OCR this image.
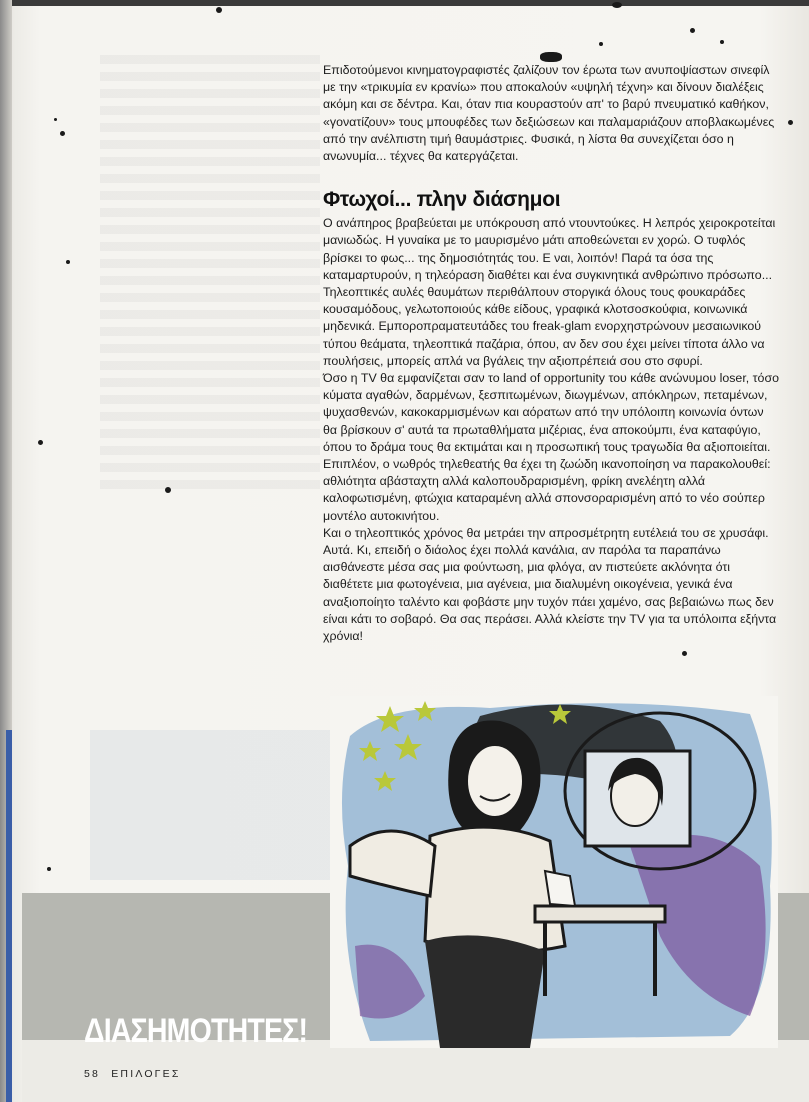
Επιδοτούμενοι κινηματογραφιστές ζαλίζουν τον έρωτα των ανυποψίαστων σινεφίλ με την «τρικυμία εν κρανίω» που αποκαλούν «υψηλή τέχνη» και δίνουν διαλέξεις ακόμη και σε δέντρα. Και, όταν πια κουραστούν απ' το βαρύ πνευματικό καθήκον, «γονατίζουν» τους μπουφέδες των δεξιώσεων και παλαμαριάζουν αποβλακωμένες από την ανέλπιστη τιμή θαυμάστριες. Φυσικά, η λίστα θα συνεχίζεται όσο η ανωνυμία... τέχνες θα κατεργάζεται.

Φτωχοί... πλην διάσημοι

Ο ανάπηρος βραβεύεται με υπόκρουση από ντουντούκες. Η λεπρός χειροκροτείται μανιωδώς. Η γυναίκα με το μαυρισμένο μάτι αποθεώνεται εν χορώ. Ο τυφλός βρίσκει το φως... της δημοσιότητάς του. Ε ναι, λοιπόν! Παρά τα όσα της καταμαρτυρούν, η τηλεόραση διαθέτει και ένα συγκινητικά ανθρώπινο πρόσωπο... Τηλεοπτικές αυλές θαυμάτων περιθάλπουν στοργικά όλους τους φουκαράδες κουσαμόδους, γελωτοποιούς κάθε είδους, γραφικά κλοτσοσκούφια, κοινωνικά μηδενικά. Εμποροπραματευτάδες του freak-glam ενορχηστρώνουν μεσαιωνικού τύπου θεάματα, τηλεοπτικά παζάρια, όπου, αν δεν σου έχει μείνει τίποτα άλλο να πουλήσεις, μπορείς απλά να βγάλεις την αξιοπρέπειά σου στο σφυρί.

Όσο η TV θα εμφανίζεται σαν το land of opportunity του κάθε ανώνυμου loser, τόσο κύματα αγαθών, δαρμένων, ξεσπιτωμένων, διωγμένων, απόκληρων, πεταμένων, ψυχασθενών, κακοκαρμισμένων και αόρατων από την υπόλοιπη κοινωνία όντων θα βρίσκουν σ' αυτά τα πρωταθλήματα μιζέριας, ένα αποκούμπι, ένα καταφύγιο, όπου το δράμα τους θα εκτιμάται και η προσωπική τους τραγωδία θα αξιοποιείται.

Επιπλέον, ο νωθρός τηλεθεατής θα έχει τη ζωώδη ικανοποίηση να παρακολουθεί: αθλιότητα αβάσταχτη αλλά καλοπουδραρισμένη, φρίκη ανελέητη αλλά καλοφωτισμένη, φτώχια καταραμένη αλλά σπονσοραρισμένη από το νέο σούπερ μοντέλο αυτοκινήτου.

Και ο τηλεοπτικός χρόνος θα μετράει την απροσμέτρητη ευτέλειά του σε χρυσάφι. Αυτά. Κι, επειδή ο διάολος έχει πολλά κανάλια, αν παρόλα τα παραπάνω αισθάνεστε μέσα σας μια φούντωση, μια φλόγα, αν πιστεύετε ακλόνητα ότι διαθέτετε μια φωτογένεια, μια αγένεια, μια διαλυμένη οικογένεια, γενικά ένα αναξιοποίητο ταλέντο και φοβάστε μην τυχόν πάει χαμένο, σας βεβαιώνω πως δεν είναι κάτι το σοβαρό. Θα σας περάσει. Αλλά κλείστε την TV για τα υπόλοιπα εξήντα χρόνια!

ΔΙΑΣΗΜΟΤΗΤΕΣ!
58 ΕΠΙΛΟΓΕΣ
